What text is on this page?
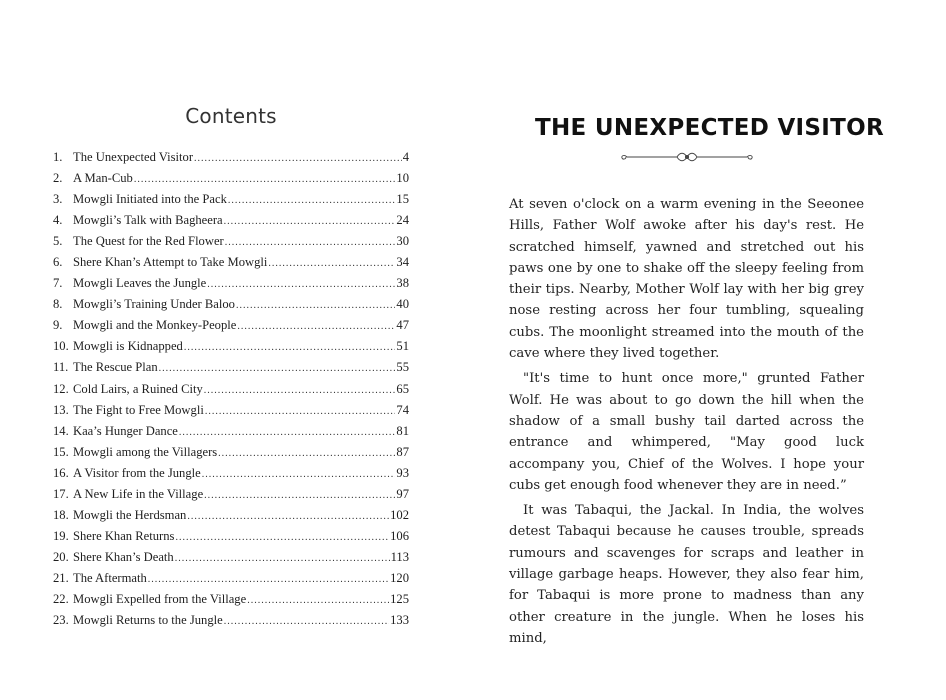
Contents
1. The Unexpected Visitor .....	4
2. A Man-Cub .....	10
3. Mowgli Initiated into the Pack .....	15
4. Mowgli’s Talk with Bagheera .....	24
5. The Quest for the Red Flower .....	30
6. Shere Khan’s Attempt to Take Mowgli .....	34
7. Mowgli Leaves the Jungle .....	38
8. Mowgli’s Training Under Baloo .....	40
9. Mowgli and the Monkey-People .....	47
10. Mowgli is Kidnapped .....	51
11. The Rescue Plan .....	55
12. Cold Lairs, a Ruined City .....	65
13. The Fight to Free Mowgli .....	74
14. Kaa’s Hunger Dance .....	81
15. Mowgli among the Villagers .....	87
16. A Visitor from the Jungle .....	93
17. A New Life in the Village .....	97
18. Mowgli the Herdsman .....	102
19. Shere Khan Returns .....	106
20. Shere Khan’s Death .....	113
21. The Aftermath .....	120
22. Mowgli Expelled from the Village .....	125
23. Mowgli Returns to the Jungle .....	133
THE UNEXPECTED VISITOR

At seven o'clock on a warm evening in the Seeonee Hills, Father Wolf awoke after his day's rest. He scratched himself, yawned and stretched out his paws one by one to shake off the sleepy feeling from their tips. Nearby, Mother Wolf lay with her big grey nose resting across her four tumbling, squealing cubs. The moonlight streamed into the mouth of the cave where they lived together.

"It's time to hunt once more," grunted Father Wolf. He was about to go down the hill when the shadow of a small bushy tail darted across the entrance and whimpered, "May good luck accompany you, Chief of the Wolves. I hope your cubs get enough food whenever they are in need.”

It was Tabaqui, the Jackal. In India, the wolves detest Tabaqui because he causes trouble, spreads rumours and scavenges for scraps and leather in village garbage heaps. However, they also fear him, for Tabaqui is more prone to madness than any other creature in the jungle. When he loses his mind,
